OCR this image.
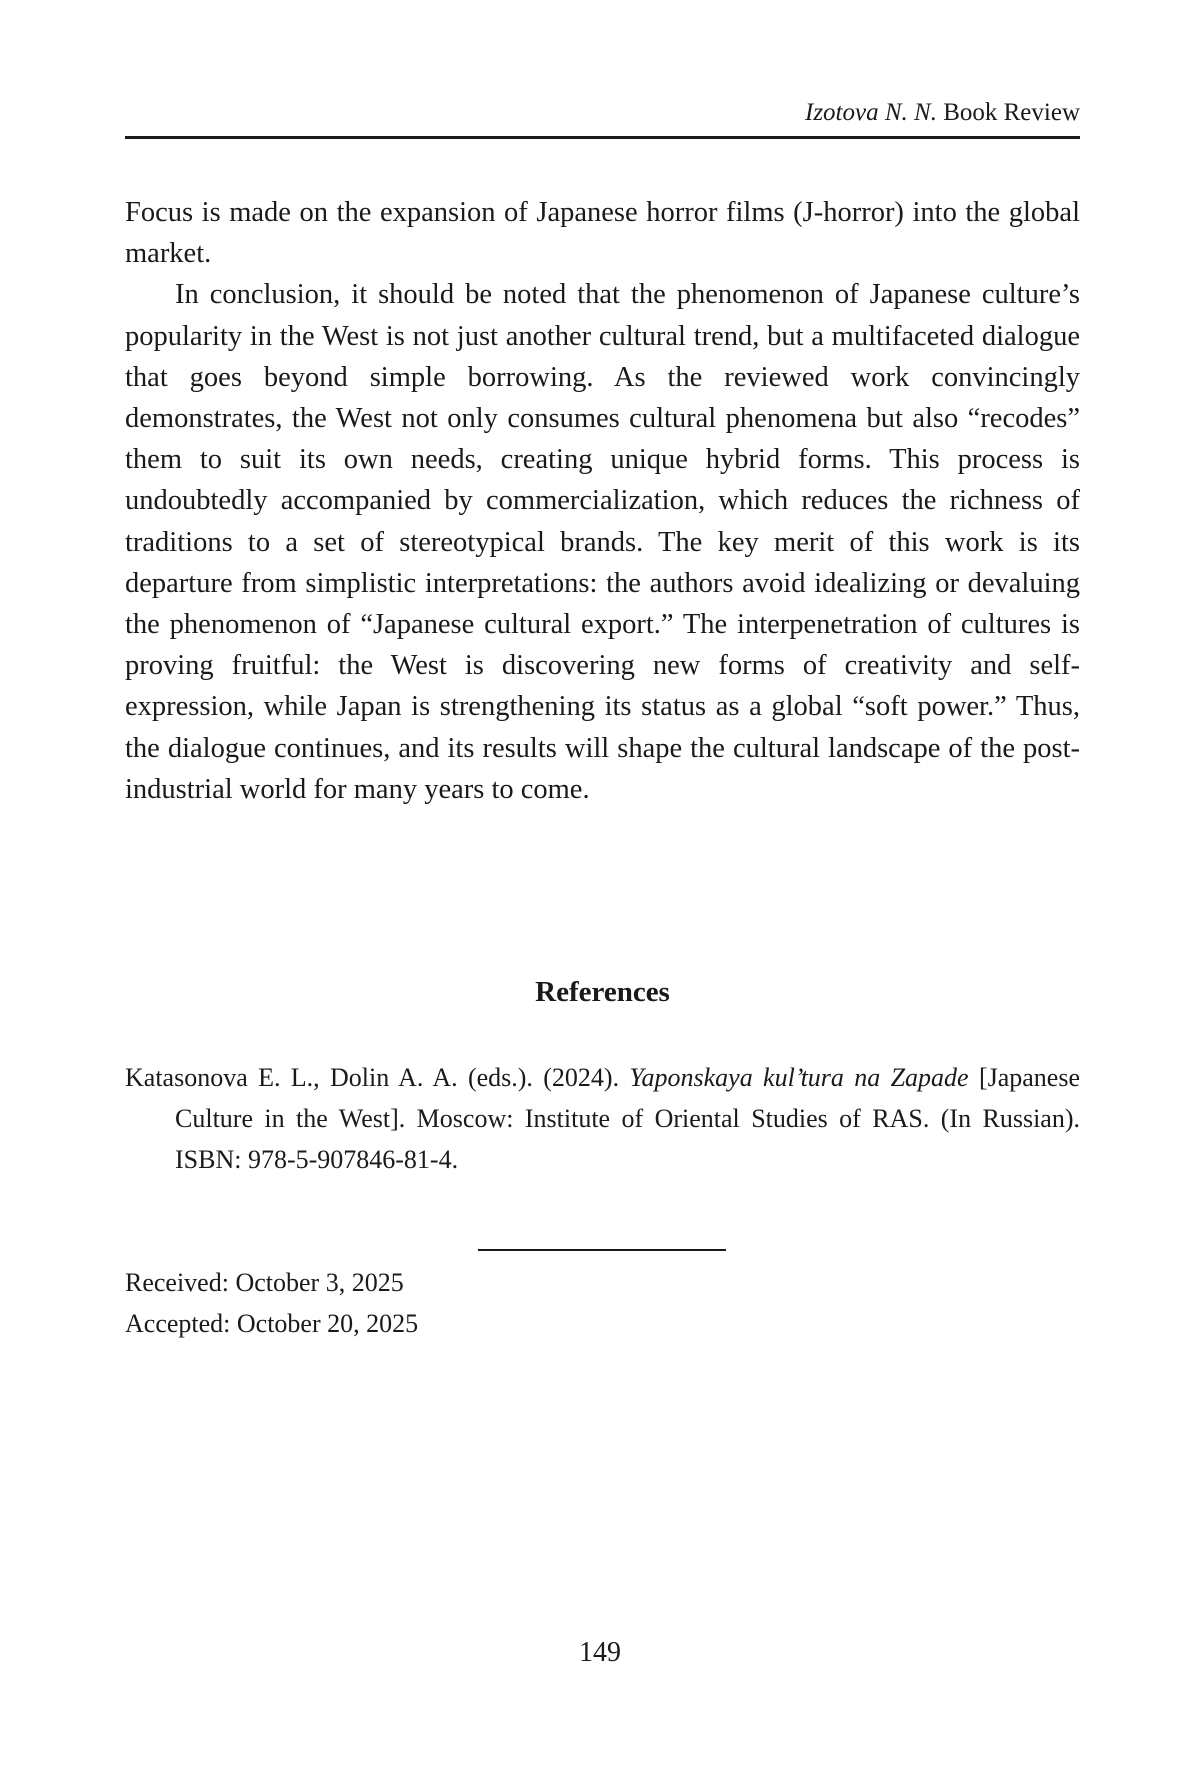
Izotova N. N. Book Review

Focus is made on the expansion of Japanese horror films (J-horror) into the global market.

In conclusion, it should be noted that the phenomenon of Japanese culture’s popularity in the West is not just another cultural trend, but a multifaceted dialogue that goes beyond simple borrowing. As the reviewed work convincingly demonstrates, the West not only consumes cultural phenomena but also “recodes” them to suit its own needs, creating unique hybrid forms. This process is undoubtedly accompanied by commercialization, which reduces the richness of traditions to a set of stereotypical brands. The key merit of this work is its departure from simplistic interpretations: the authors avoid idealizing or devaluing the phenomenon of “Japanese cultural export.” The interpenetration of cultures is proving fruitful: the West is discovering new forms of creativity and self-expression, while Japan is strengthening its status as a global “soft power.” Thus, the dialogue continues, and its results will shape the cultural landscape of the post-industrial world for many years to come.

References
Katasonova E. L., Dolin A. A. (eds.). (2024). Yaponskaya kul’tura na Zapade [Japanese Culture in the West]. Moscow: Institute of Oriental Studies of RAS. (In Russian). ISBN: 978-5-907846-81-4.
Received: October 3, 2025
Accepted: October 20, 2025
149
